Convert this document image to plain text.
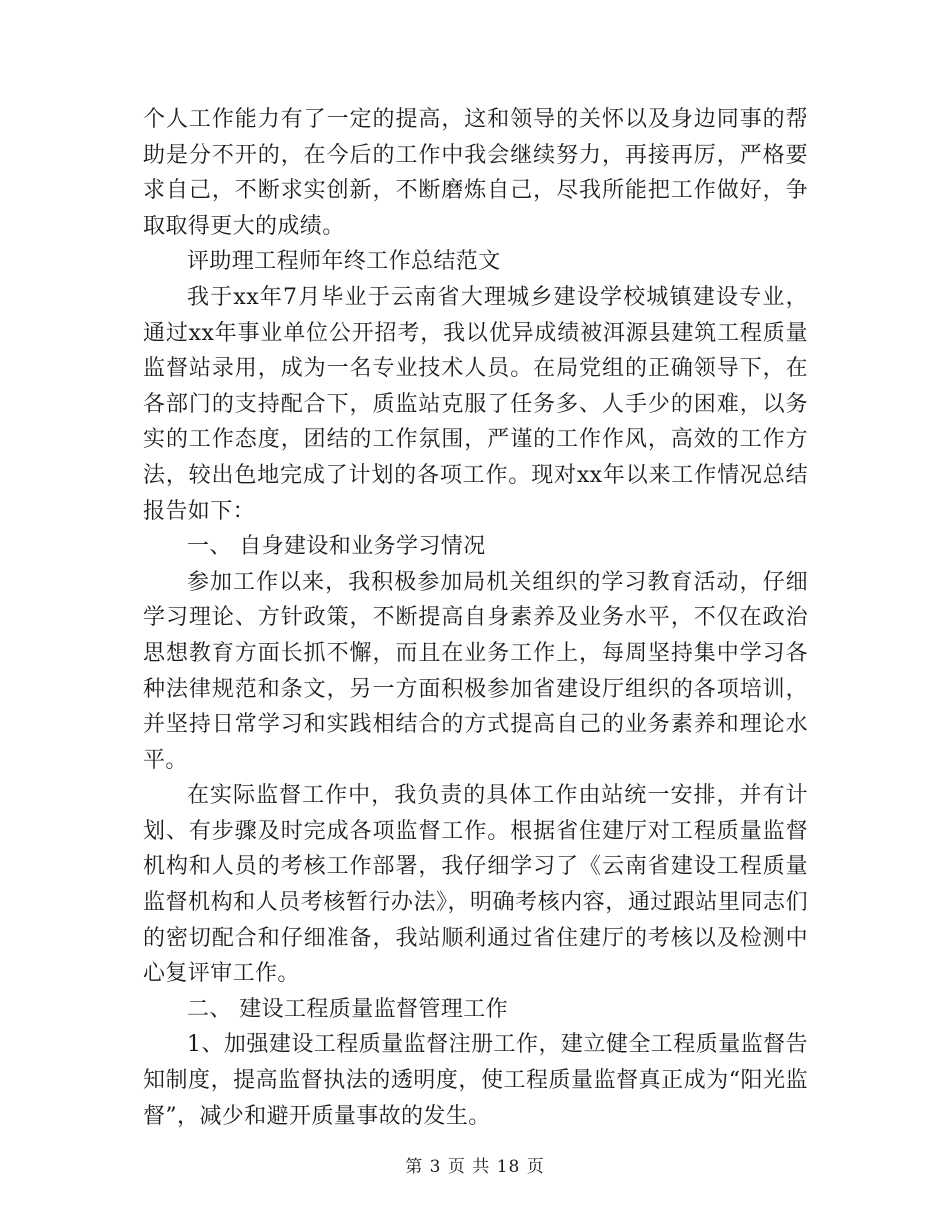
个人工作能力有了一定的提高，这和领导的关怀以及身边同事的帮助是分不开的，在今后的工作中我会继续努力，再接再厉，严格要求自己，不断求实创新，不断磨炼自己，尽我所能把工作做好，争取取得更大的成绩。

评助理工程师年终工作总结范文

我于xx年7月毕业于云南省大理城乡建设学校城镇建设专业，通过xx年事业单位公开招考，我以优异成绩被洱源县建筑工程质量监督站录用，成为一名专业技术人员。在局党组的正确领导下，在各部门的支持配合下，质监站克服了任务多、人手少的困难，以务实的工作态度，团结的工作氛围，严谨的工作作风，高效的工作方法，较出色地完成了计划的各项工作。现对xx年以来工作情况总结报告如下：

一、 自身建设和业务学习情况

参加工作以来，我积极参加局机关组织的学习教育活动，仔细学习理论、方针政策，不断提高自身素养及业务水平，不仅在政治思想教育方面长抓不懈，而且在业务工作上，每周坚持集中学习各种法律规范和条文，另一方面积极参加省建设厅组织的各项培训，并坚持日常学习和实践相结合的方式提高自己的业务素养和理论水平。

在实际监督工作中，我负责的具体工作由站统一安排，并有计划、有步骤及时完成各项监督工作。根据省住建厅对工程质量监督机构和人员的考核工作部署，我仔细学习了《云南省建设工程质量监督机构和人员考核暂行办法》，明确考核内容，通过跟站里同志们的密切配合和仔细准备，我站顺利通过省住建厅的考核以及检测中心复评审工作。

二、 建设工程质量监督管理工作

1、加强建设工程质量监督注册工作，建立健全工程质量监督告知制度，提高监督执法的透明度，使工程质量监督真正成为“阳光监督”，减少和避开质量事故的发生。

第 3 页 共 18 页
